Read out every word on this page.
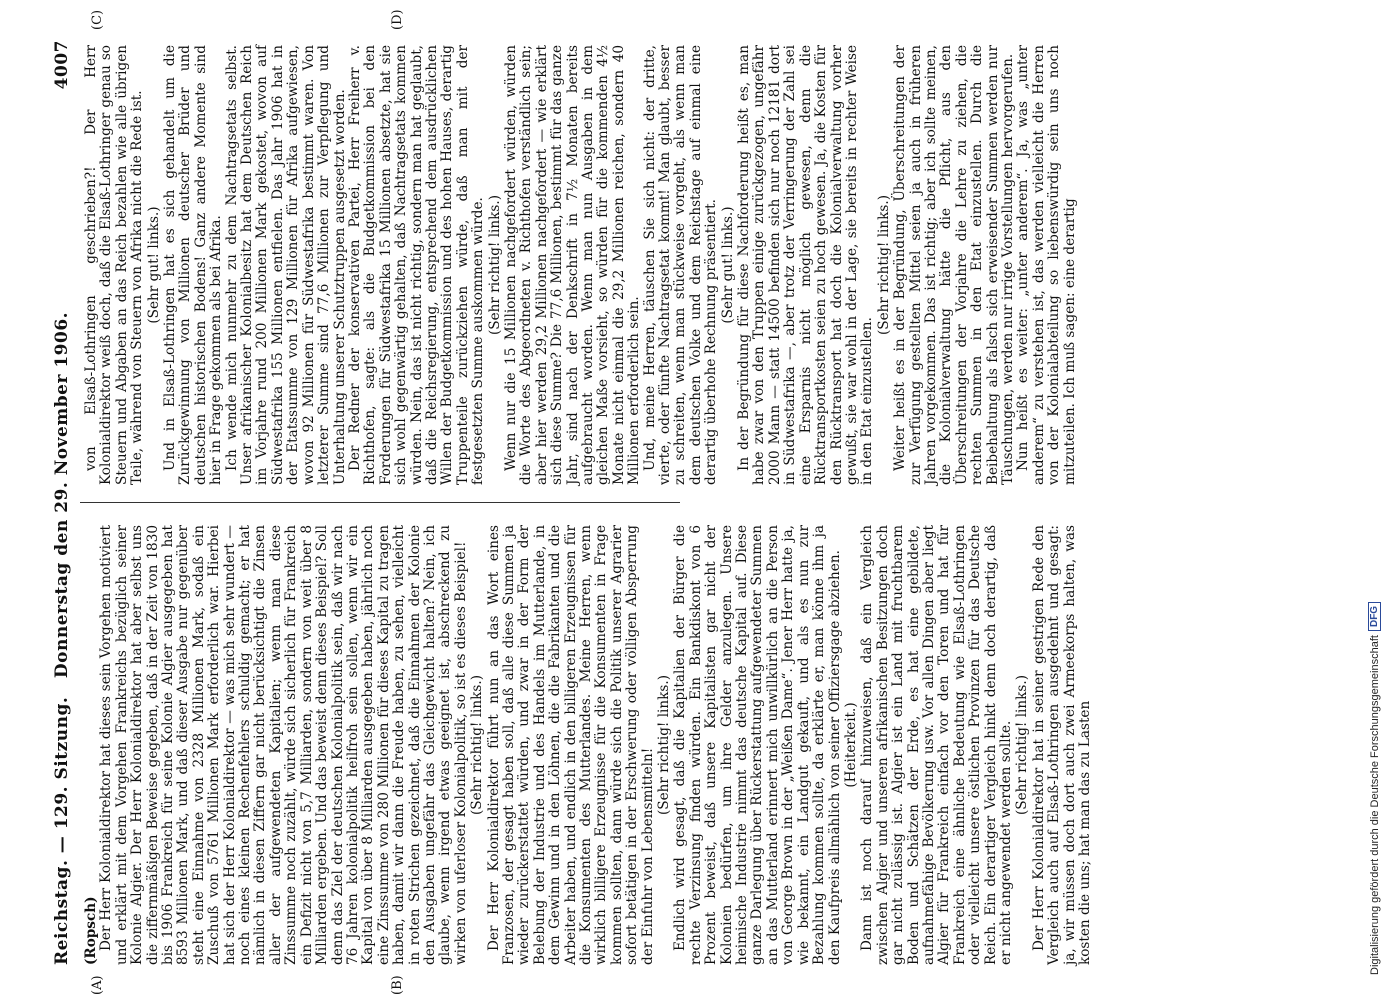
Reichstag. — 129. Sitzung.
Donnerstag den 29. November 1906.
4007
(Ropsch) Der Herr Kolonialdirektor hat dieses sein Vorgehen motiviert und erklärt mit dem Vorgehen Frankreichs bezüglich seiner Kolonie Algier. Der Herr Kolonialdirektor hat aber selbst uns die ziffernmäßigen Beweise gegeben, daß in der Zeit von 1830 bis 1906 Frankreich für seine Kolonie Algier ausgegeben hat 8593 Millionen Mark, und daß dieser Ausgabe nur gegenüber steht eine Einnahme von 2328 Millionen Mark, sodaß ein Zuschuß von 5761 Millionen Mark erforderlich war. Hierbei hat sich der Herr Kolonialdirektor — was mich sehr wundert — noch eines kleinen Rechenfehlers schuldig gemacht; er hat nämlich in diesen Ziffern gar nicht berücksichtigt die Zinsen aller der aufgewendeten Kapitalien; wenn man diese Zinssumme noch zuzählt, würde sich sicherlich für Frankreich ein Defizit nicht von 5,7 Milliarden, sondern von weit über 8 Milliarden ergeben. Und das beweist denn dieses Beispiel? Soll denn das Ziel der deutschen Kolonialpolitik sein, daß wir nach 76 Jahren kolonialpolitik heilfroh sein sollen, wenn wir ein Kapital von über 8 Milliarden ausgegeben haben, jährlich noch eine Zinssumme von 280 Millionen für dieses Kapital zu tragen haben, damit wir dann die Freude haben, zu sehen, vielleicht in roten Strichen gezeichnet, daß die Einnahmen der Kolonie den Ausgaben ungefähr das Gleichgewicht halten? Nein, ich glaube, wenn irgend etwas geeignet ist, abschreckend zu wirken von uferloser Kolonialpolitik, so ist es dieses Beispiel! (Sehr richtig! links.) Der Herr Kolonialdirektor führt nun an das Wort eines Franzosen, der gesagt haben soll, daß alle diese Summen ja wieder zurückerstattet würden, und zwar in der Form der Belebung der Industrie und des Handels im Mutterlande, in dem Gewinn und in den Löhnen, die die Fabrikanten und die Arbeiter haben, und endlich in den billigeren Erzeugnissen für die Konsumenten des Mutterlandes. Meine Herren, wenn wirklich billigere Erzeugnisse für die Konsumenten in Frage kommen sollten, dann würde sich die Politik unserer Agrarier sofort betätigen in der Erschwerung oder völligen Absperrung der Einfuhr von Lebensmitteln!

(Sehr richtig! links.) Endlich wird gesagt, daß die Kapitalien der Bürger die rechte Verzinsung finden würden. Ein Bankdiskont von 6 Prozent beweist, daß unsere Kapitalisten gar nicht der Kolonien bedürfen, um ihre Gelder anzulegen. Unsere heimische Industrie nimmt das deutsche Kapital auf. Diese ganze Darlegung über Rückerstattung aufgewendeter Summen an das Mutterland erinnert mich unwillkürlich an die Person von George Brown in der „Weißen Dame“. Jener Herr hatte ja, wie bekannt, ein Landgut gekauft, und als es nun zur Bezahlung kommen sollte, da erklärte er, man könne ihm ja den Kaufpreis allmählich von seiner Offiziersgage abziehen. (Heiterkeit.) Dann ist noch darauf hinzuweisen, daß ein Vergleich zwischen Algier und unseren afrikanischen Besitzungen doch gar nicht zulässig ist. Algier ist ein Land mit fruchtbarem Boden und Schätzen der Erde, es hat eine gebildete, aufnahmefähige Bevölkerung usw. Vor allen Dingen aber liegt Algier für Frankreich einfach vor den Toren und hat für Frankreich eine ähnliche Bedeutung wie Elsaß-Lothringen oder vielleicht unsere östlichen Provinzen für das Deutsche Reich. Ein derartiger Vergleich hinkt denn doch derartig, daß er nicht angewendet werden sollte. (Sehr richtig! links.) Der Herr Kolonialdirektor hat in seiner gestrigen Rede den Vergleich auch auf Elsaß-Lothringen ausgedehnt und gesagt: ja, wir müssen doch dort auch zwei Armeekorps halten, was kosten die uns; hat man das zu Lasten

von Elsaß-Lothringen geschrieben?! Der Herr Kolonialdirektor weiß doch, daß die Elsaß-Lothringer genau so Steuern und Abgaben an das Reich bezahlen wie alle übrigen Teile, während von Steuern von Afrika nicht die Rede ist. (Sehr gut! links.) Und in Elsaß-Lothringen hat es sich gehandelt um die Zurückgewinnung von Millionen deutscher Brüder und deutschen historischen Bodens! Ganz andere Momente sind hier in Frage gekommen als bei Afrika. Ich wende mich nunmehr zu dem Nachtragsetats selbst. Unser afrikanischer Kolonialbesitz hat dem Deutschen Reich im Vorjahre rund 200 Millionen Mark gekostet, wovon auf Südwestafrika 155 Millionen entfielen. Das Jahr 1906 hat in der Etatssumme von 129 Millionen für Afrika aufgewiesen, wovon 92 Millionen für Südwestafrika bestimmt waren. Von letzterer Summe sind 77,6 Millionen zur Verpflegung und Unterhaltung unserer Schutztruppen ausgesetzt worden. Der Redner der konservativen Partei, Herr Freiherr v. Richthofen, sagte: als die Budgetkommission bei den Forderungen für Südwestafrika 15 Millionen absetzte, hat sie sich wohl gegenwärtig gehalten, daß Nachtragsetats kommen würden. Nein, das ist nicht richtig, sondern man hat geglaubt, daß die Reichsregierung, entsprechend dem ausdrücklichen Willen der Budgetkommission und des hohen Hauses, derartig Truppenteile zurückziehen würde, daß man mit der festgesetzten Summe auskommen würde. (Sehr richtig! links.) Wenn nur die 15 Millionen nachgefordert würden, würden die Worte des Abgeordneten v. Richthofen verständlich sein; aber hier werden 29,2 Millionen nachgefordert — wie erklärt sich diese Summe? Die 77,6 Millionen, bestimmt für das ganze Jahr, sind nach der Denkschrift in 7½ Monaten bereits aufgebraucht worden. Wenn man nun Ausgaben in dem gleichen Maße vorsieht, so würden für die kommenden 4½ Monate nicht einmal die 29,2 Millionen reichen, sondern 40 Millionen erforderlich sein. Und, meine Herren, täuschen Sie sich nicht: der dritte, vierte, oder fünfte Nachtragsetat kommt! Man glaubt, besser zu schreiten, wenn man stückweise vorgeht, als wenn man dem deutschen Volke und dem Reichstage auf einmal eine derartig überhohe Rechnung präsentiert. (Sehr gut! links.) In der Begründung für diese Nachforderung heißt es, man habe zwar von den Truppen einige zurückgezogen, ungefähr 2000 Mann — statt 14500 befinden sich nur noch 12181 dort in Südwestafrika —, aber trotz der Verringerung der Zahl sei eine Ersparnis nicht möglich gewesen, denn die Rücktransportkosten seien zu hoch gewesen. Ja, die Kosten für den Rücktransport hat doch die Kolonialverwaltung vorher gewußt, sie war wohl in der Lage, sie bereits in rechter Weise in den Etat einzustellen.

(Sehr richtig! links.) Weiter heißt es in der Begründung, Überschreitungen der zur Verfügung gestellten Mittel seien ja auch in früheren Jahren vorgekommen. Das ist richtig; aber ich sollte meinen, die Kolonialverwaltung hätte die Pflicht, aus den Überschreitungen der Vorjahre die Lehre zu ziehen, die rechten Summen in den Etat einzustellen. Durch die Beibehaltung als falsch sich erweisender Summen werden nur Täuschungen, werden nur irrige Vorstellungen hervorgerufen. Nun heißt es weiter: „unter anderem“. Ja, was „unter anderem“ zu verstehen ist, das werden vielleicht die Herren von der Kolonialabteilung so liebenswürdig sein uns noch mitzuteilen. Ich muß sagen: eine derartig

(A)	(B)
(C)	(D)
Digitalisierung gefördert durch die Deutsche Forschungsgemeinschaft
DFG
